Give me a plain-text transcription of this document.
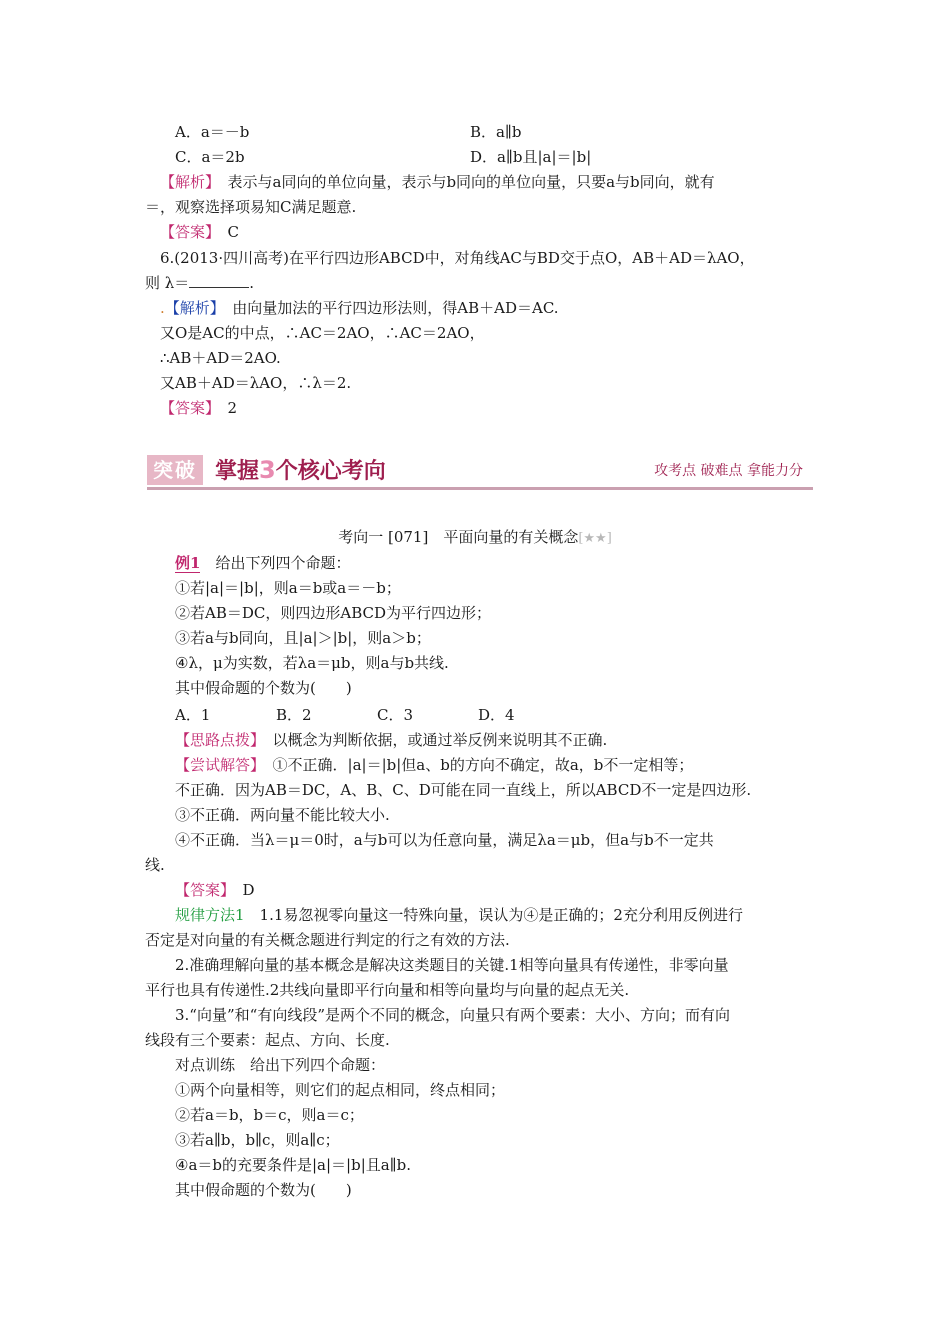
A．a＝－b	B．a∥b
C．a＝2b	D．a∥b且|a|＝|b|
【解析】　表示与a同向的单位向量，表示与b同向的单位向量，只要a与b同向，就有
＝，观察选择项易知C满足题意.
【答案】　C
6.(2013·四川高考)在平行四边形ABCD中，对角线AC与BD交于点O，AB＋AD＝λAO，
则 λ＝	.
.【解析】　由向量加法的平行四边形法则，得AB＋AD＝AC.
又O是AC的中点，∴AC＝2AO，∴AC＝2AO，
∴AB＋AD＝2AO.
又AB＋AD＝λAO，∴λ＝2.
【答案】　2
突破 掌握3个核心考向	攻考点 破难点 拿能力分
考向一 [071]　平面向量的有关概念[★★]
例1　给出下列四个命题：
①若|a|＝|b|，则a＝b或a＝－b；
②若AB＝DC，则四边形ABCD为平行四边形；
③若a与b同向，且|a|＞|b|，则a＞b；
④λ，μ为实数，若λa＝μb，则a与b共线.
其中假命题的个数为(　　)
A．1	B．2	C．3	D．4
【思路点拨】　以概念为判断依据，或通过举反例来说明其不正确.
【尝试解答】　①不正确．|a|＝|b|但a、b的方向不确定，故a，b不一定相等；
不正确．因为AB＝DC，A、B、C、D可能在同一直线上，所以ABCD不一定是四边形.
③不正确．两向量不能比较大小.
④不正确．当λ＝μ＝0时，a与b可以为任意向量，满足λa＝μb，但a与b不一定共
线.
【答案】　D
规律方法1　1.1易忽视零向量这一特殊向量，误认为④是正确的；2充分利用反例进行
否定是对向量的有关概念题进行判定的行之有效的方法.
2.准确理解向量的基本概念是解决这类题目的关键.1相等向量具有传递性，非零向量
平行也具有传递性.2共线向量即平行向量和相等向量均与向量的起点无关.
3.“向量”和“有向线段”是两个不同的概念，向量只有两个要素：大小、方向；而有向
线段有三个要素：起点、方向、长度.
对点训练　给出下列四个命题：
①两个向量相等，则它们的起点相同，终点相同；
②若a＝b，b＝c，则a＝c；
③若a∥b，b∥c，则a∥c；
④a＝b的充要条件是|a|＝|b|且a∥b.
其中假命题的个数为(　　)
